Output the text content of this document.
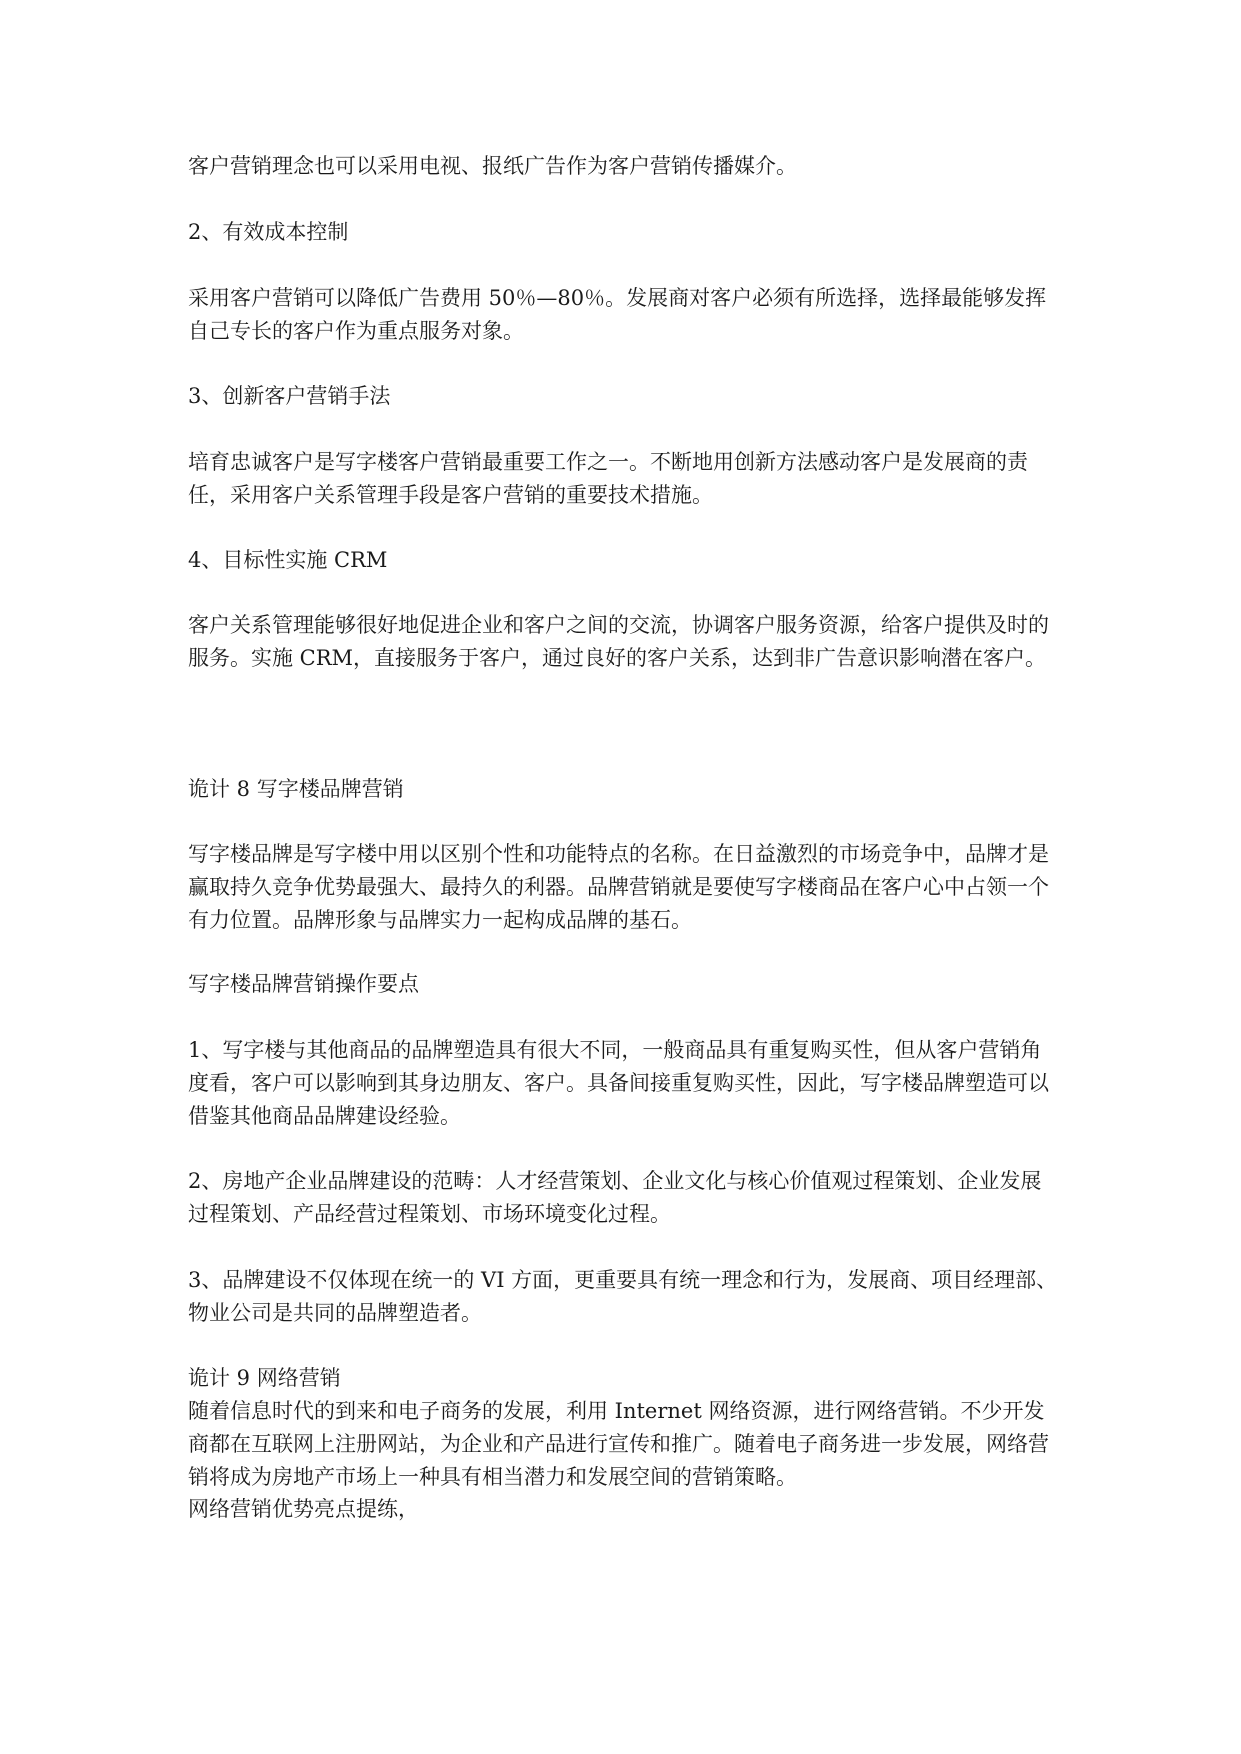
客户营销理念也可以采用电视、报纸广告作为客户营销传播媒介。

2、有效成本控制

采用客户营销可以降低广告费用 50％—80％。发展商对客户必须有所选择，选择最能够发挥自己专长的客户作为重点服务对象。

3、创新客户营销手法

培育忠诚客户是写字楼客户营销最重要工作之一。不断地用创新方法感动客户是发展商的责任，采用客户关系管理手段是客户营销的重要技术措施。

4、目标性实施 CRM

客户关系管理能够很好地促进企业和客户之间的交流，协调客户服务资源，给客户提供及时的服务。实施 CRM，直接服务于客户，通过良好的客户关系，达到非广告意识影响潜在客户。

诡计 8 写字楼品牌营销

写字楼品牌是写字楼中用以区别个性和功能特点的名称。在日益激烈的市场竞争中，品牌才是赢取持久竞争优势最强大、最持久的利器。品牌营销就是要使写字楼商品在客户心中占领一个有力位置。品牌形象与品牌实力一起构成品牌的基石。

写字楼品牌营销操作要点

1、写字楼与其他商品的品牌塑造具有很大不同，一般商品具有重复购买性，但从客户营销角度看，客户可以影响到其身边朋友、客户。具备间接重复购买性，因此，写字楼品牌塑造可以借鉴其他商品品牌建设经验。

2、房地产企业品牌建设的范畴：人才经营策划、企业文化与核心价值观过程策划、企业发展过程策划、产品经营过程策划、市场环境变化过程。

3、品牌建设不仅体现在统一的 VI 方面，更重要具有统一理念和行为，发展商、项目经理部、物业公司是共同的品牌塑造者。

诡计 9 网络营销

随着信息时代的到来和电子商务的发展，利用 Internet 网络资源，进行网络营销。不少开发商都在互联网上注册网站，为企业和产品进行宣传和推广。随着电子商务进一步发展，网络营销将成为房地产市场上一种具有相当潜力和发展空间的营销策略。

网络营销优势亮点提练，
